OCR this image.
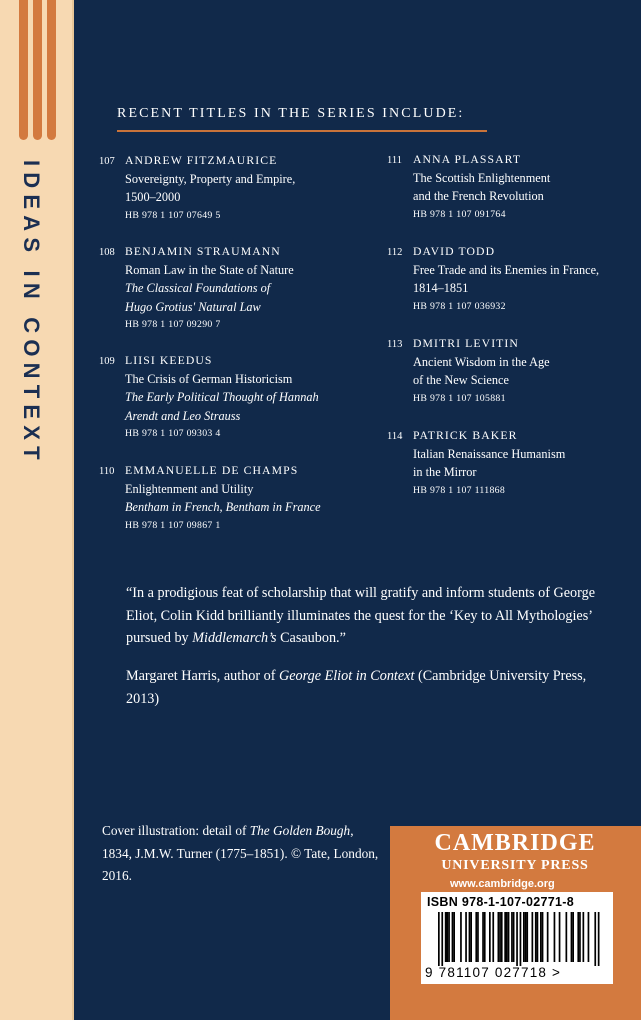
IDEAS IN CONTEXT
RECENT TITLES IN THE SERIES INCLUDE:
107 ANDREW FITZMAURICE
Sovereignty, Property and Empire,
1500–2000
HB 978 1 107 07649 5
108 BENJAMIN STRAUMANN
Roman Law in the State of Nature
The Classical Foundations of
Hugo Grotius' Natural Law
HB 978 1 107 09290 7
109 LIISI KEEDUS
The Crisis of German Historicism
The Early Political Thought of Hannah
Arendt and Leo Strauss
HB 978 1 107 09303 4
110 EMMANUELLE DE CHAMPS
Enlightenment and Utility
Bentham in French, Bentham in France
HB 978 1 107 09867 1
111 ANNA PLASSART
The Scottish Enlightenment
and the French Revolution
HB 978 1 107 091764
112 DAVID TODD
Free Trade and its Enemies in France,
1814–1851
HB 978 1 107 036932
113 DMITRI LEVITIN
Ancient Wisdom in the Age
of the New Science
HB 978 1 107 105881
114 PATRICK BAKER
Italian Renaissance Humanism
in the Mirror
HB 978 1 107 111868
“In a prodigious feat of scholarship that will gratify and inform students of George Eliot, Colin Kidd brilliantly illuminates the quest for the ‘Key to All Mythologies’ pursued by Middlemarch’s Casaubon.”
Margaret Harris, author of George Eliot in Context (Cambridge University Press, 2013)
Cover illustration: detail of The Golden Bough, 1834, J.M.W. Turner (1775–1851). © Tate, London, 2016.
CAMBRIDGE
UNIVERSITY PRESS
www.cambridge.org
ISBN 978-1-107-02771-8
9 781107 027718 >
